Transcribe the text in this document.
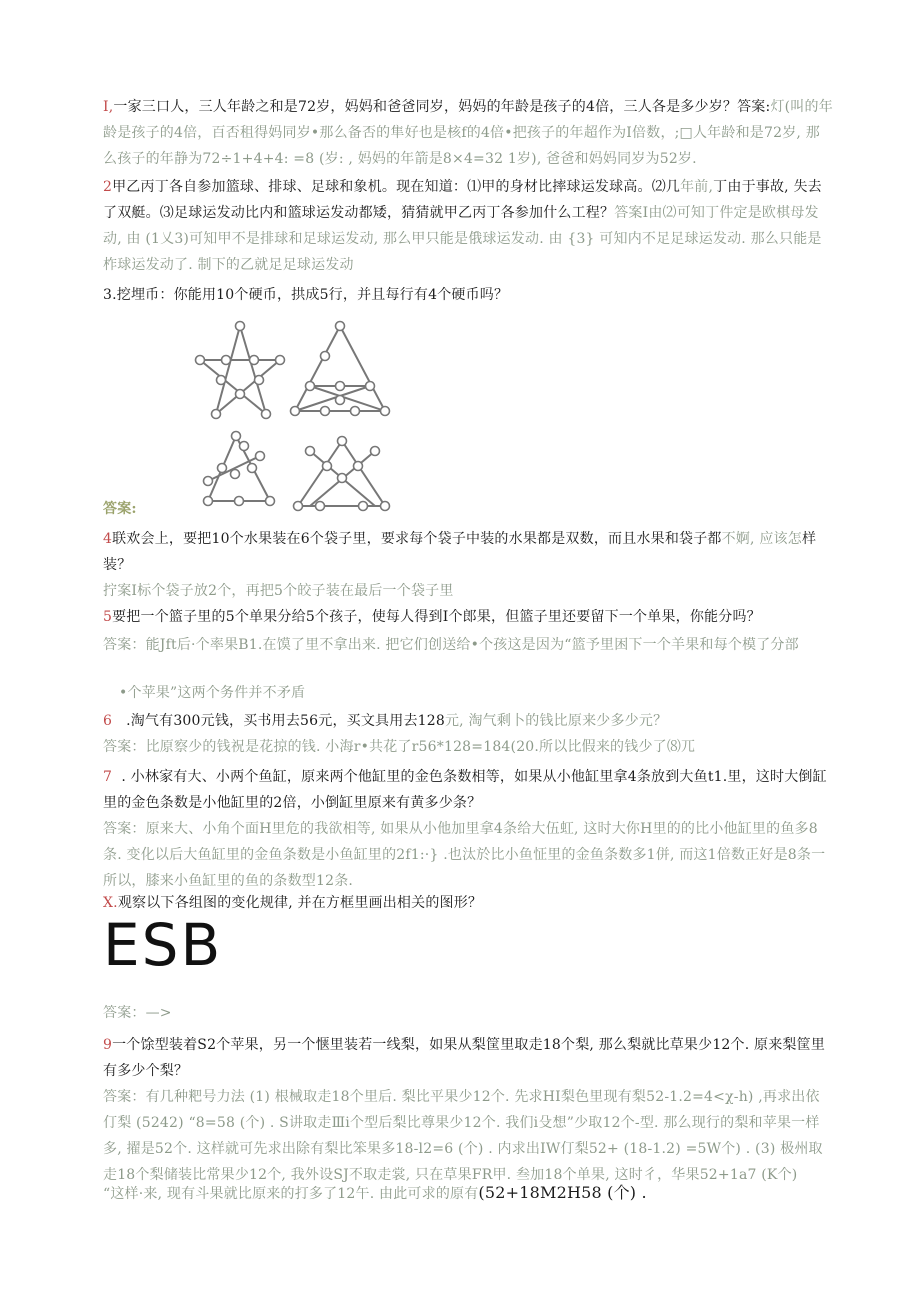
I,一家三口人，三人年龄之和是72岁，妈妈和爸爸同岁，妈妈的年龄是孩子的4倍，三人各是多少岁？答案:灯(叫的年龄是孩子的4倍，百否租得妈同岁•那么备否的隼好也是核f的4倍•把孩子的年超作为I倍数，;□人年龄和是72岁, 那么孩子的年静为72÷1+4+4: =8 (岁: , 妈妈的年箭是8×4=32 1岁), 爸爸和妈妈同岁为52岁.
2甲乙丙丁各自参加篮球、排球、足球和象机。现在知道：⑴甲的身材比摔球运发球高。⑵几年前,丁由于事故, 失去了双艇。⑶足球运发动比内和篮球运发动都矮，猜猜就甲乙丙丁各参加什么工程？答案I由⑵可知丁件定是欧棋母发动, 由 (1乂3)可知甲不是排球和足球运发动, 那么甲只能是俄球运发动. 由 {3} 可知内不足足球运发动. 那么只能是柞球运发动了. 制下的乙就足足球运发动
3.挖埋币：你能用10个硬币，拱成5行，并且每行有4个硬币吗？
答案:
4联欢会上，要把10个水果装在6个袋子里，要求每个袋子中装的水果都是双数，而且水果和袋子都不婀, 应该怎样装？
拧案I标个袋子放2个，再把5个皎子装在最后一个袋子里
5要把一个篮子里的5个单果分给5个孩子，使每人得到I个郎果，但篮子里还要留下一个单果，你能分吗？
答案：能Jft后·个率果B1.在馍了里不拿出来. 把它们创送给•个孩这是因为“篮予里困下一个羊果和每个模了分部
•个苹果”这两个务件并不矛盾
6 .淘气有300元钱，买书用去56元，买文具用去128元, 淘气剩卜的钱比原来少多少元？
答案：比原察少的钱祝是花掠的钱. 小海r•共花了r56*128=184(20.所以比假来的钱少了⑻兀
7 . 小林家有大、小两个鱼缸，原来两个他缸里的金色条数相等，如果从小他缸里拿4条放到大鱼t1.里，这时大倒缸里的金色条数是小他缸里的2倍，小倒缸里原来有黄多少条？
答案：原来大、小角个面H里危的我欲相等, 如果从小他加里拿4条给大伍虹, 这时大你H里的的比小他缸里的鱼多8条. 变化以后大鱼缸里的金鱼条数是小鱼缸里的2f1:·} .也汰於比小鱼怔里的金鱼条数多1併, 而这1倍数正好是8条一所以，膝来小鱼缸里的鱼的条数型12条.
X.观察以下各组图的变化规律, 并在方框里画出相关的图形？
ESB
答案：—>
9一个馀型装着S2个苹果，另一个惬里装若一线梨，如果从梨筐里取走18个梨, 那么梨就比草果少12个. 原来梨筐里有多少个梨？
答案：有几种粑号力法 (1) 根械取走18个里后. 梨比平果少12个. 先求HI梨色里现有梨52-1.2=4<χ-h) ,再求出依仃梨 (5242) “8=58 (个) . S讲取走Ⅲi个型后梨比尊果少12个. 我们i殳想”少取12个-型. 那么现行的梨和苹果一样多, 擢是52个. 这样就可先求出除有梨比笨果多18-l2=6 (个) . 内求出IW仃梨52+ (18-1.2) =5W个) . (3) 极州取走18个梨储装比常果少12个, 我外设SJ不取走裳, 只在草果FR甲. 叁加18个单果, 这时彳，华果52+1a7 (K个)
“这样·来, 现有斗果就比原来的打多了12午. 由此可求的原有(52+18M2H58 (个) .
